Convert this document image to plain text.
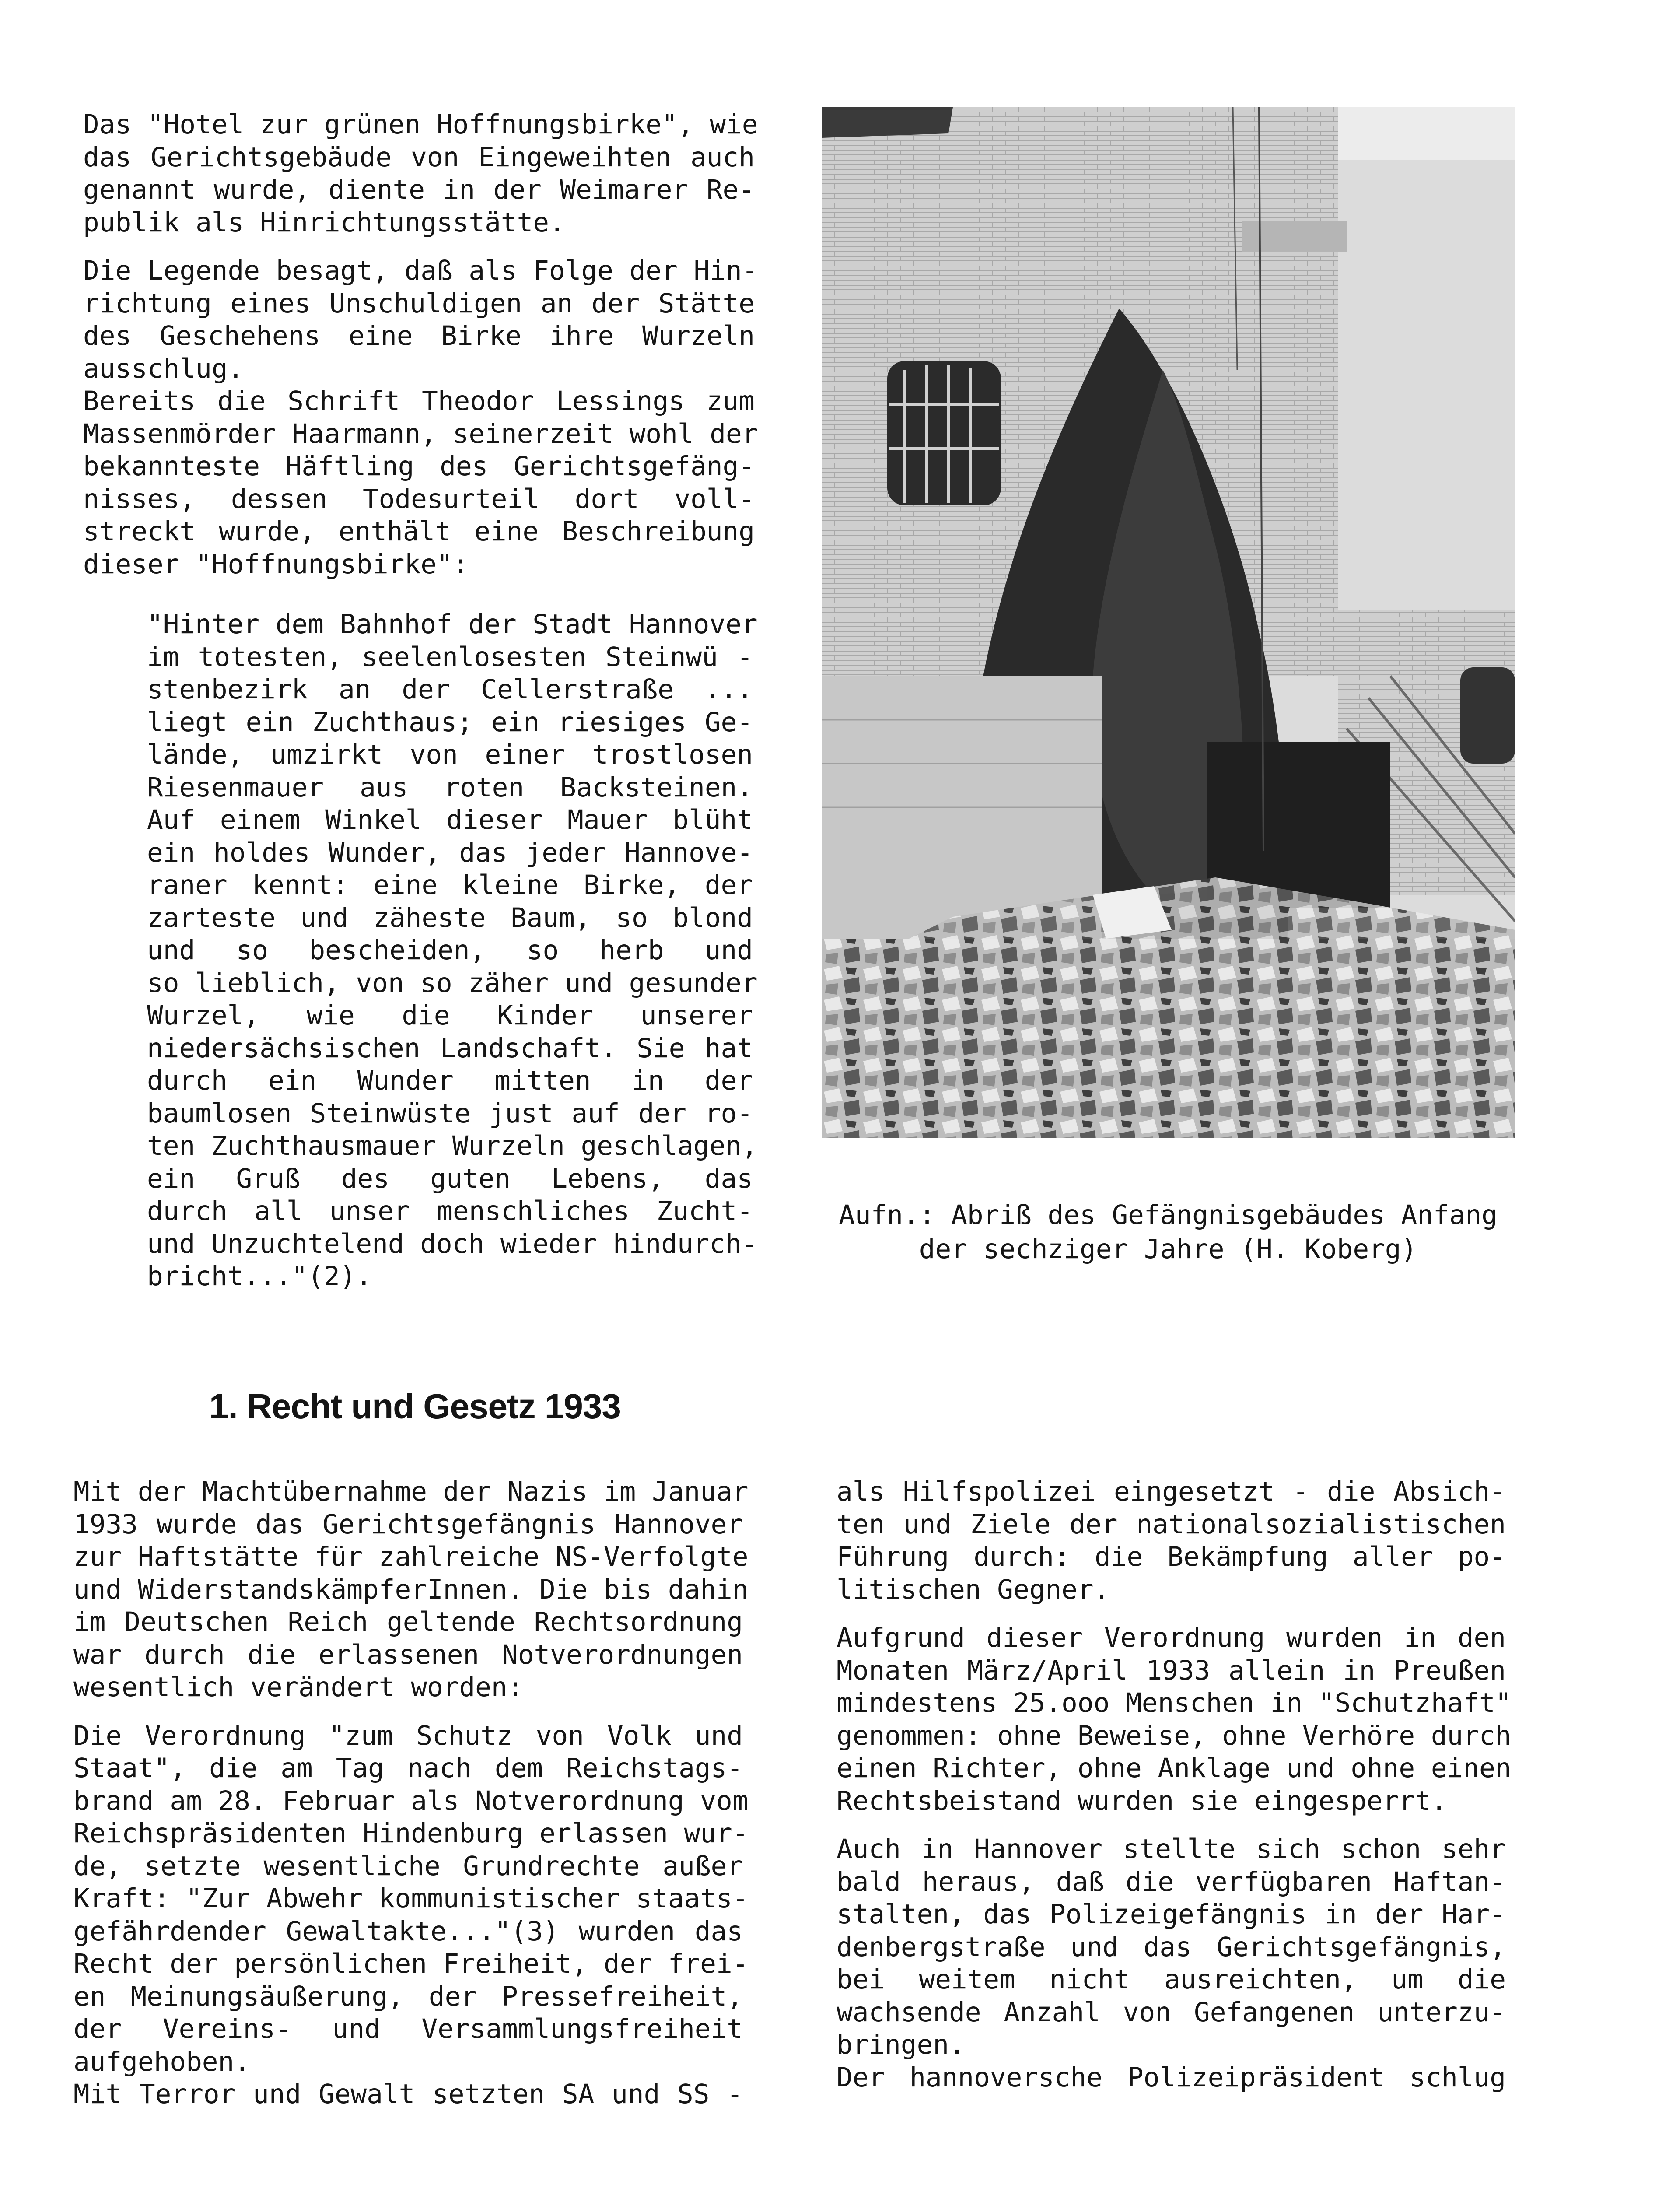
Das "Hotel zur grünen Hoffnungsbirke", wie
das Gerichtsgebäude von Eingeweihten auch
genannt wurde, diente in der Weimarer Re-
publik als Hinrichtungsstätte.

Die Legende besagt, daß als Folge der Hin-
richtung eines Unschuldigen an der Stätte
des Geschehens eine Birke ihre Wurzeln
ausschlug.

Bereits die Schrift Theodor Lessings zum
Massenmörder Haarmann, seinerzeit wohl der
bekannteste Häftling des Gerichtsgefäng-
nisses, dessen Todesurteil dort voll-
streckt wurde, enthält eine Beschreibung
dieser "Hoffnungsbirke":

"Hinter dem Bahnhof der Stadt Hannover
im totesten, seelenlosesten Steinwü -
stenbezirk an der Cellerstraße ...
liegt ein Zuchthaus; ein riesiges Ge-
lände, umzirkt von einer trostlosen
Riesenmauer aus roten Backsteinen.
Auf einem Winkel dieser Mauer blüht
ein holdes Wunder, das jeder Hannove-
raner kennt: eine kleine Birke, der
zarteste und zäheste Baum, so blond
und so bescheiden, so herb und
so lieblich, von so zäher und gesunder
Wurzel, wie die Kinder unserer
niedersächsischen Landschaft. Sie hat
durch ein Wunder mitten in der
baumlosen Steinwüste just auf der ro-
ten Zuchthausmauer Wurzeln geschlagen,
ein Gruß des guten Lebens, das
durch all unser menschliches Zucht-
und Unzuchtelend doch wieder hindurch-
bricht..."(2).

Aufn.: Abriß des Gefängnisgebäudes Anfang
der sechziger Jahre (H. Koberg)
1. Recht und Gesetz 1933

Mit der Machtübernahme der Nazis im Januar
1933 wurde das Gerichtsgefängnis Hannover
zur Haftstätte für zahlreiche NS-Verfolgte
und WiderstandskämpferInnen. Die bis dahin
im Deutschen Reich geltende Rechtsordnung
war durch die erlassenen Notverordnungen
wesentlich verändert worden:

Die Verordnung "zum Schutz von Volk und
Staat", die am Tag nach dem Reichstags-
brand am 28. Februar als Notverordnung vom
Reichspräsidenten Hindenburg erlassen wur-
de, setzte wesentliche Grundrechte außer
Kraft: "Zur Abwehr kommunistischer staats-
gefährdender Gewaltakte..."(3) wurden das
Recht der persönlichen Freiheit, der frei-
en Meinungsäußerung, der Pressefreiheit,
der Vereins- und Versammlungsfreiheit
aufgehoben.

Mit Terror und Gewalt setzten SA und SS -

als Hilfspolizei eingesetzt - die Absich-
ten und Ziele der nationalsozialistischen
Führung durch: die Bekämpfung aller po-
litischen Gegner.

Aufgrund dieser Verordnung wurden in den
Monaten März/April 1933 allein in Preußen
mindestens 25.ooo Menschen in "Schutzhaft"
genommen: ohne Beweise, ohne Verhöre durch
einen Richter, ohne Anklage und ohne einen
Rechtsbeistand wurden sie eingesperrt.

Auch in Hannover stellte sich schon sehr
bald heraus, daß die verfügbaren Haftan-
stalten, das Polizeigefängnis in der Har-
denbergstraße und das Gerichtsgefängnis,
bei weitem nicht ausreichten, um die
wachsende Anzahl von Gefangenen unterzu-
bringen.

Der hannoversche Polizeipräsident schlug
